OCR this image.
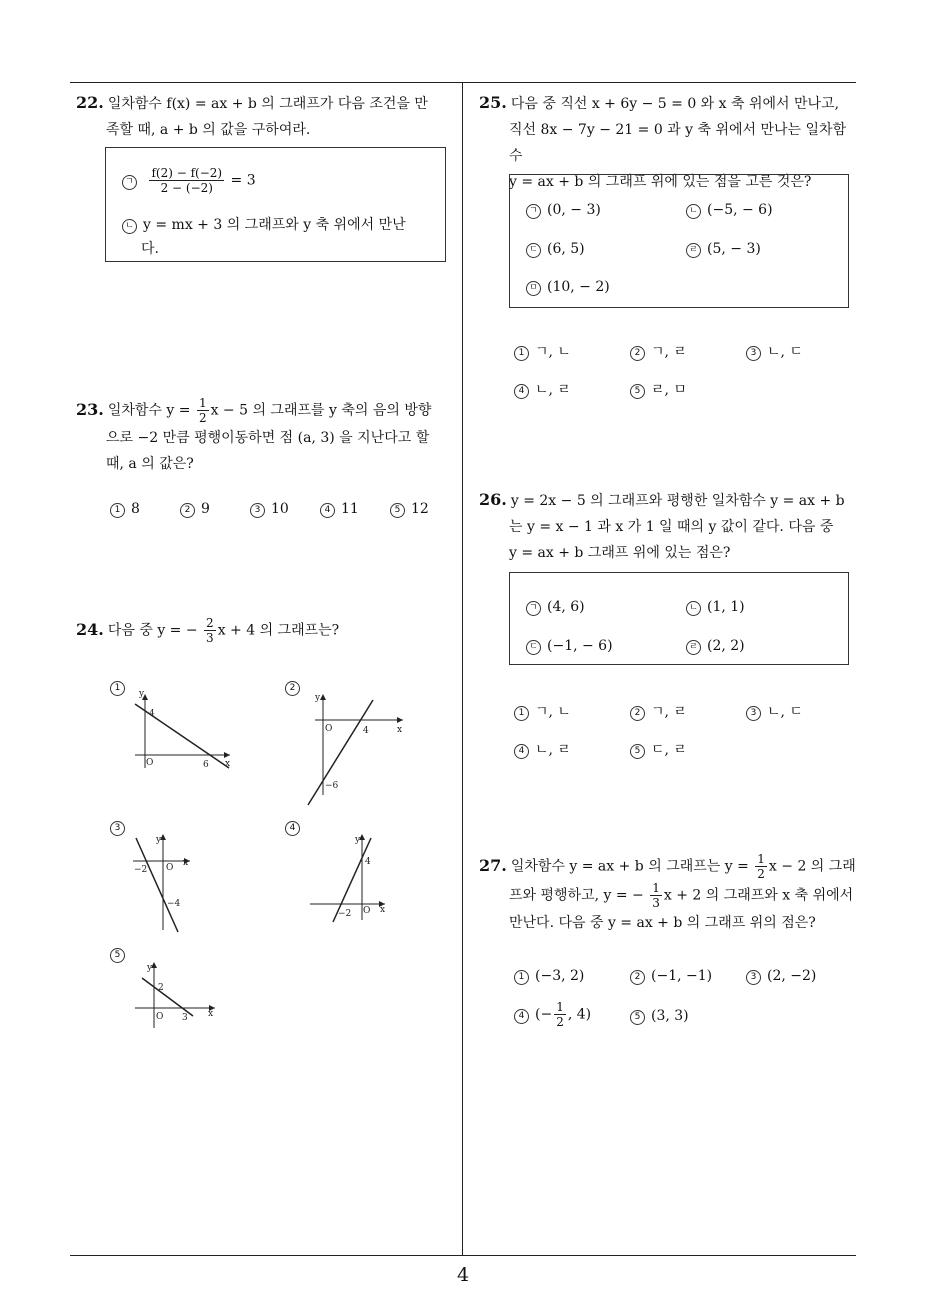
4

22. 일차함수 f(x) = ax + b 의 그래프가 다음 조건을 만

족할 때, a + b 의 값을 구하여라.

ㄱ $\frac{f(2) - f(-2)}{2 - (-2)} = 3$
ㄴ y = mx + 3 의 그래프와 y 축 위에서 만난
다.

23. 일차함수 $y = \frac{1}{2}$ x − 5 의 그래프를 y 축의 음의 방향

으로 −2 만큼 평행이동하면 점 (a, 3) 을 지난다고 할

때, a 의 값은?

1 8	2 9	3 10	4 11	5 12

24. 다음 중 y = − $\frac{2}{3}$ x + 4 의 그래프는?

1	2
3	4
5
y
x
O
4
6
y
x
O	4
−6
y
x
O
−2
−4
y
x
O
4
−2
y
x
O
2
3

25. 다음 중 직선 x + 6y − 5 = 0 와 x 축 위에서 만나고,

직선 8x − 7y − 21 = 0 과 y 축 위에서 만나는 일차함수

y = ax + b 의 그래프 위에 있는 점을 고른 것은?

ㄱ (0, − 3)	ㄴ (−5, − 6)
ㄷ (6, 5)	ㄹ (5, − 3)
ㅁ (10, − 2)
1 ㄱ, ㄴ	2 ㄱ, ㄹ	3 ㄴ, ㄷ
4 ㄴ, ㄹ	5 ㄹ, ㅁ

26. y = 2x − 5 의 그래프와 평행한 일차함수 y = ax + b

는 y = x − 1 과 x 가 1 일 때의 y 값이 같다. 다음 중

y = ax + b 그래프 위에 있는 점은?

ㄱ (4, 6)	ㄴ (1, 1)
ㄷ (−1, − 6)	ㄹ (2, 2)
1 ㄱ, ㄴ	2 ㄱ, ㄹ	3 ㄴ, ㄷ
4 ㄴ, ㄹ	5 ㄷ, ㄹ

27. 일차함수 y = ax + b 의 그래프는 $y = \frac{1}{2}$ x − 2 의 그래

프와 평행하고, y = − $\frac{1}{3}$ x + 2 의 그래프와 x 축 위에서

만난다. 다음 중 y = ax + b 의 그래프 위의 점은?

1 (−3, 2)	2 (−1, −1)	3 (2, −2)
4 (− $\frac{1}{2}$ , 4)	5 (3, 3)
